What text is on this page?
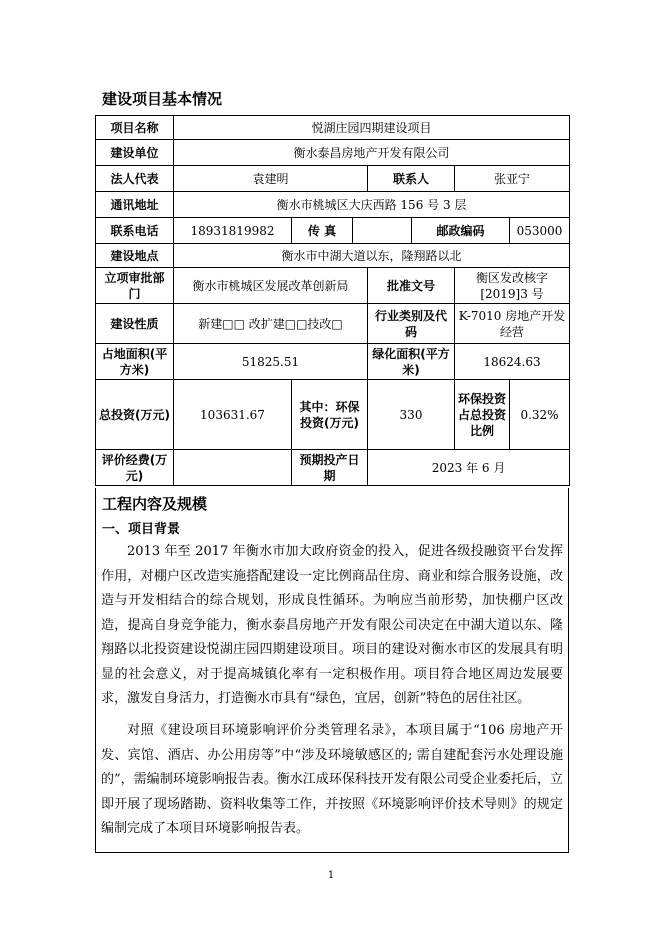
建设项目基本情况
项目名称	悦湖庄园四期建设项目						
建设单位	衡水泰昌房地产开发有限公司						
法人代表	袁建明			联系人		张亚宁	
通讯地址	衡水市桃城区大庆西路 156 号 3 层						
联系电话	18931819982	传 真			邮政编码		053000
建设地点	衡水市中湖大道以东，隆翔路以北						
立项审批部门	衡水市桃城区发展改革创新局			批准文号		衡区发改核字[2019]3 号	
建设性质	新建□□ 改扩建□□技改□			行业类别及代码		K-7010 房地产开发经营	
占地面积(平方米)	51825.51			绿化面积(平方米)		18624.63	
总投资(万元)	103631.67	其中：环保投资(万元)		330		环保投资占总投资比例	0.32%
评价经费(万元)		预期投产日期		2023 年 6 月			
工程内容及规模
一、项目背景

2013 年至 2017 年衡水市加大政府资金的投入，促进各级投融资平台发挥作用，对棚户区改造实施搭配建设一定比例商品住房、商业和综合服务设施，改造与开发相结合的综合规划，形成良性循环。为响应当前形势，加快棚户区改造，提高自身竞争能力，衡水泰昌房地产开发有限公司决定在中湖大道以东、隆翔路以北投资建设悦湖庄园四期建设项目。项目的建设对衡水市区的发展具有明显的社会意义，对于提高城镇化率有一定积极作用。项目符合地区周边发展要求，激发自身活力，打造衡水市具有“绿色，宜居，创新”特色的居住社区。

对照《建设项目环境影响评价分类管理名录》，本项目属于“106 房地产开发、宾馆、酒店、办公用房等”中“涉及环境敏感区的; 需自建配套污水处理设施的”，需编制环境影响报告表。衡水江成环保科技开发有限公司受企业委托后，立即开展了现场踏勘、资料收集等工作，并按照《环境影响评价技术导则》的规定编制完成了本项目环境影响报告表。

1
